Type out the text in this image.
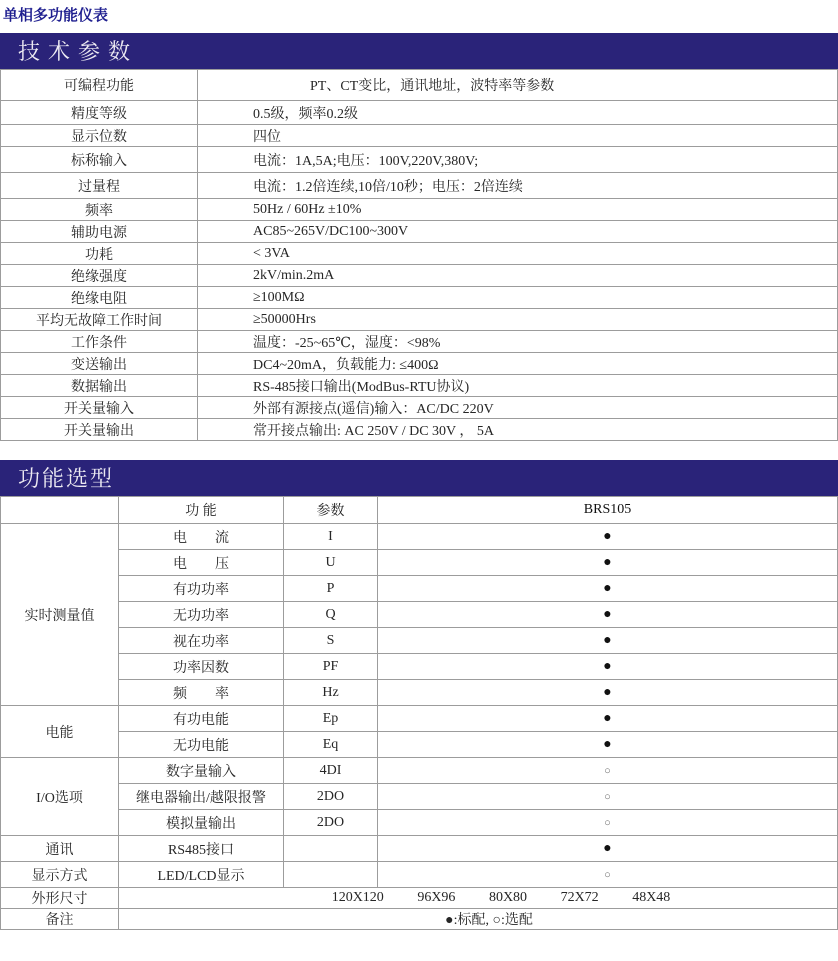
单相多功能仪表
技术参数
可编程功能	PT、CT变比，通讯地址，波特率等参数
精度等级	0.5级，频率0.2级
显示位数	四位
标称输入	电流：1A,5A;电压：100V,220V,380V;
过量程	电流：1.2倍连续,10倍/10秒；电压：2倍连续
频率	50Hz / 60Hz ±10%
辅助电源	AC85~265V/DC100~300V
功耗	< 3VA
绝缘强度	2kV/min.2mA
绝缘电阻	≥100MΩ
平均无故障工作时间	≥50000Hrs
工作条件	温度：-25~65℃，湿度：<98%
变送输出	DC4~20mA，负载能力: ≤400Ω
数据输出	RS-485接口输出(ModBus-RTU协议)
开关量输入	外部有源接点(遥信)输入：AC/DC 220V
开关量输出	常开接点输出: AC 250V / DC 30V ， 5A
功能选型
	功 能	参数	BRS105
实时测量值	电　　流	I	●
	电　　压	U	●
	有功功率	P	●
	无功功率	Q	●
	视在功率	S	●
	功率因数	PF	●
	频　　率	Hz	●
电能	有功电能	Ep	●
	无功电能	Eq	●
I/O选项	数字量输入	4DI	○
	继电器输出/越限报警	2DO	○
	模拟量输出	2DO	○
通讯	RS485接口		●
显示方式	LED/LCD显示		○
外形尺寸	120X120 96X96 80X80 72X72 48X48		
备注	●:标配, ○:选配		
